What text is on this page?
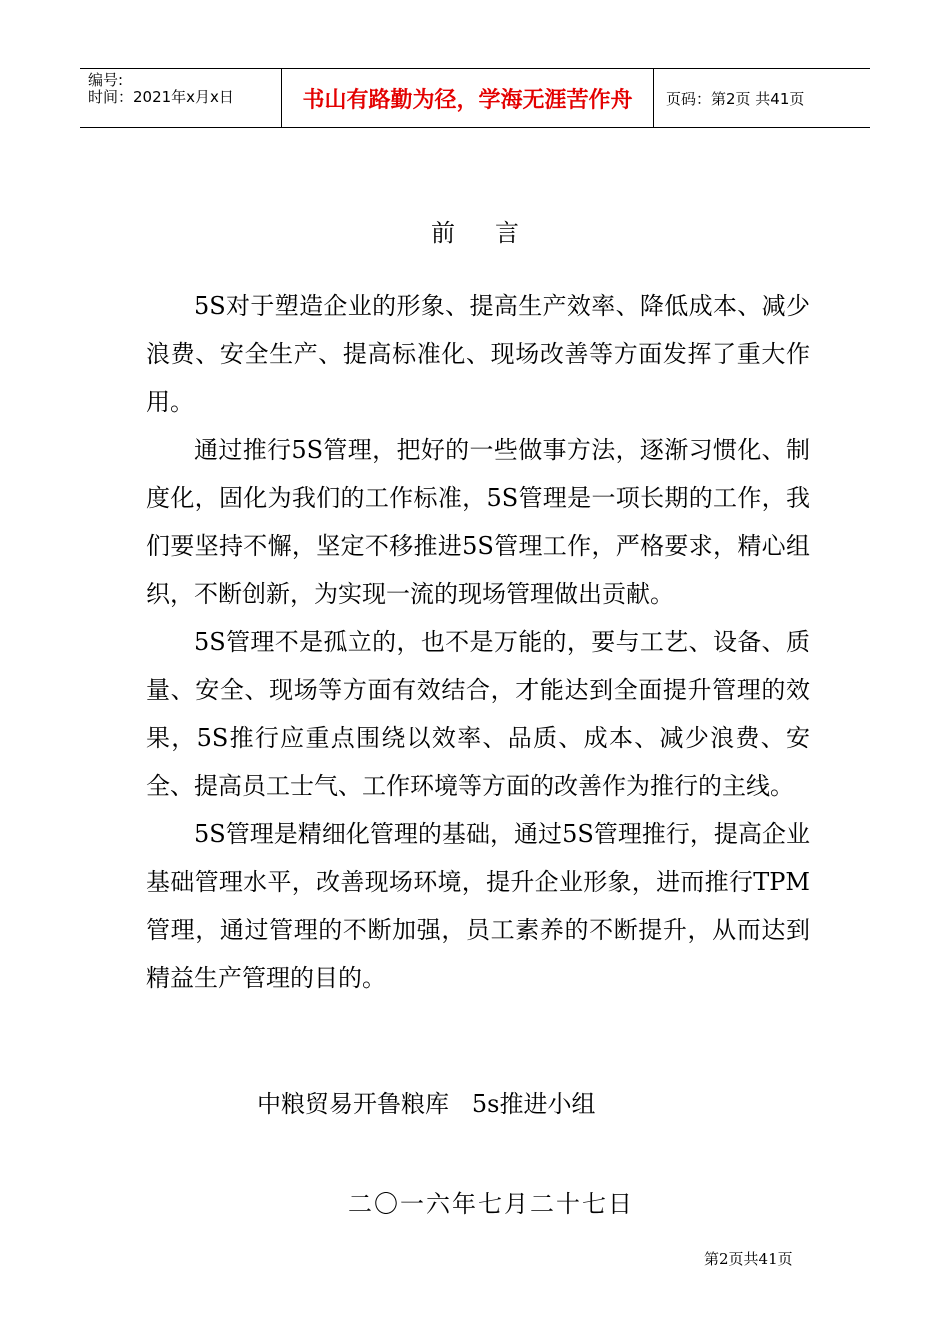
编号:
时间：2021年x月x日	书山有路勤为径，学海无涯苦作舟	页码：第2页 共41页
前言

5S对于塑造企业的形象、提高生产效率、降低成本、减少浪费、安全生产、提高标准化、现场改善等方面发挥了重大作用。

通过推行5S管理，把好的一些做事方法，逐渐习惯化、制度化，固化为我们的工作标准，5S管理是一项长期的工作，我们要坚持不懈，坚定不移推进5S管理工作，严格要求，精心组织，不断创新，为实现一流的现场管理做出贡献。

5S管理不是孤立的，也不是万能的，要与工艺、设备、质量、安全、现场等方面有效结合，才能达到全面提升管理的效果，5S推行应重点围绕以效率、品质、成本、减少浪费、安全、提高员工士气、工作环境等方面的改善作为推行的主线。

5S管理是精细化管理的基础，通过5S管理推行，提高企业基础管理水平，改善现场环境，提升企业形象，进而推行TPM管理，通过管理的不断加强，员工素养的不断提升，从而达到精益生产管理的目的。

中粮贸易开鲁粮库   5s推进小组
二〇一六年七月二十七日
第2页共41页
